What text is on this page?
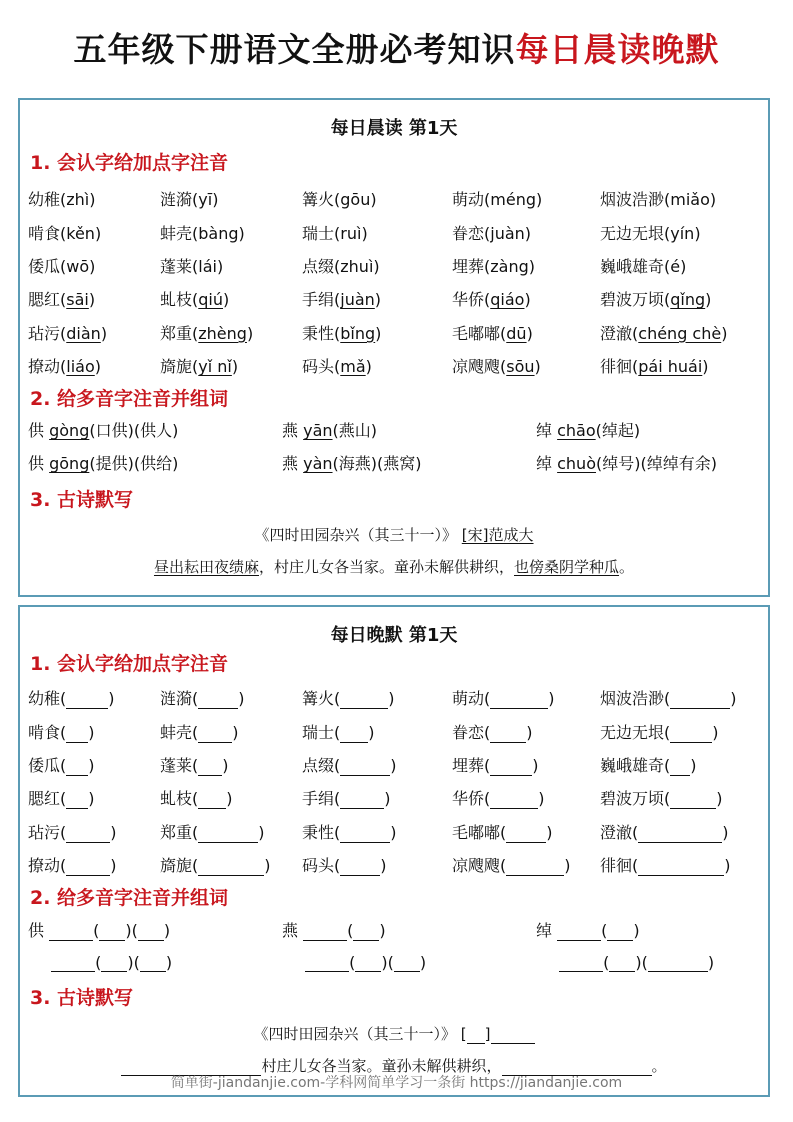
五年级下册语文全册必考知识每日晨读晚默
每日晨读 第1天
1. 会认字给加点字注音
幼稚(zhì)	涟漪(yī)	篝火(gōu)	萌动(méng)	烟波浩渺(miǎo)
啃食(kěn)	蚌壳(bàng)	瑞士(ruì)	眷恋(juàn)	无边无垠(yín)
倭瓜(wō)	蓬莱(lái)	点缀(zhuì)	埋葬(zàng)	巍峨雄奇(é)
腮红(sāi)	虬枝(qiú)	手绢(juàn)	华侨(qiáo)	碧波万顷(qǐng)
玷污(diàn)	郑重(zhèng)	秉性(bǐng)	毛嘟嘟(dū)	澄澈(chéng chè)
撩动(liáo)	旖旎(yǐ nǐ)	码头(mǎ)	凉飕飕(sōu)	徘徊(pái huái)
2. 给多音字注音并组词
供 gòng(口供)(供人)	燕 yān(燕山)	绰 chāo(绰起)
供 gōng(提供)(供给)	燕 yàn(海燕)(燕窝)	绰 chuò(绰号)(绰绰有余)
3. 古诗默写
《四时田园杂兴（其三十一）》 [宋]范成大
昼出耘田夜绩麻，村庄儿女各当家。童孙未解供耕织，也傍桑阴学种瓜。
每日晚默 第1天
1. 会认字给加点字注音
幼稚(	)	涟漪(	)	篝火(	)	萌动(	)	烟波浩渺(	)
啃食( )	蚌壳( )	瑞士( )	眷恋( )	无边无垠(	)
倭瓜( )	蓬莱( )	点缀(	)	埋葬(	)	巍峨雄奇( )
腮红( )	虬枝( )	手绢(	)	华侨(	)	碧波万顷(	)
玷污(	)	郑重(	)	秉性(	)	毛嘟嘟(	)	澄澈(	)
撩动(	)	旖旎(	)	码头(	)	凉飕飕(	)	徘徊(	)
2. 给多音字注音并组词
供	( )( )	燕	( )	绰	( )
( )( )	( )( )	( )(	)
3. 古诗默写
《四时田园杂兴（其三十一）》 [ ]
村庄儿女各当家。童孙未解供耕织，	。
简单街-jiandanjie.com-学科网简单学习一条街 https://jiandanjie.com
